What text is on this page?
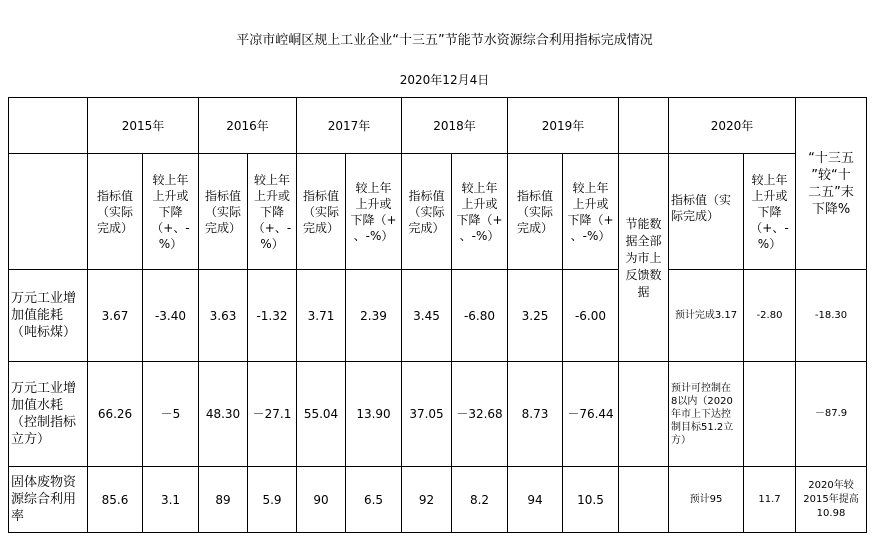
平凉市崆峒区规上工业企业“十三五”节能节水资源综合利用指标完成情况
2020年12月4日
	2015年		2016年		2017年		2018年		2019年			2020年		“十三五
”较“十
二五”末
下降%
	指标值
（实际
完成）	较上年
上升或
下降
（+、-
%）	指标值
（实际
完成）	较上年
上升或
下降
（+、-
%）	指标值
（实际
完成）	较上年
上升或
下降（+
、-%）	指标值
（实际
完成）	较上年
上升或
下降（+
、-%）	指标值
（实际
完成）	较上年
上升或
下降（+
、-%）	节能数
据全部
为市上
反馈数
据	指标值（实
际完成）	较上年
上升或
下降
（+、-
%）	
万元工业增
加值能耗
（吨标煤）	3.67	-3.40	3.63	-1.32	3.71	2.39	3.45	-6.80	3.25	-6.00		预计完成3.17	-2.80	-18.30
万元工业增
加值水耗
（控制指标
立方）	66.26	－5	48.30	－27.1	55.04	13.90	37.05	－32.68	8.73	－76.44		预计可控制在
8以内（2020
年市上下达控
制目标51.2立
方）		－87.9
固体废物资
源综合利用
率	85.6	3.1	89	5.9	90	6.5	92	8.2	94	10.5		预计95	11.7	2020年较
2015年提高
10.98
